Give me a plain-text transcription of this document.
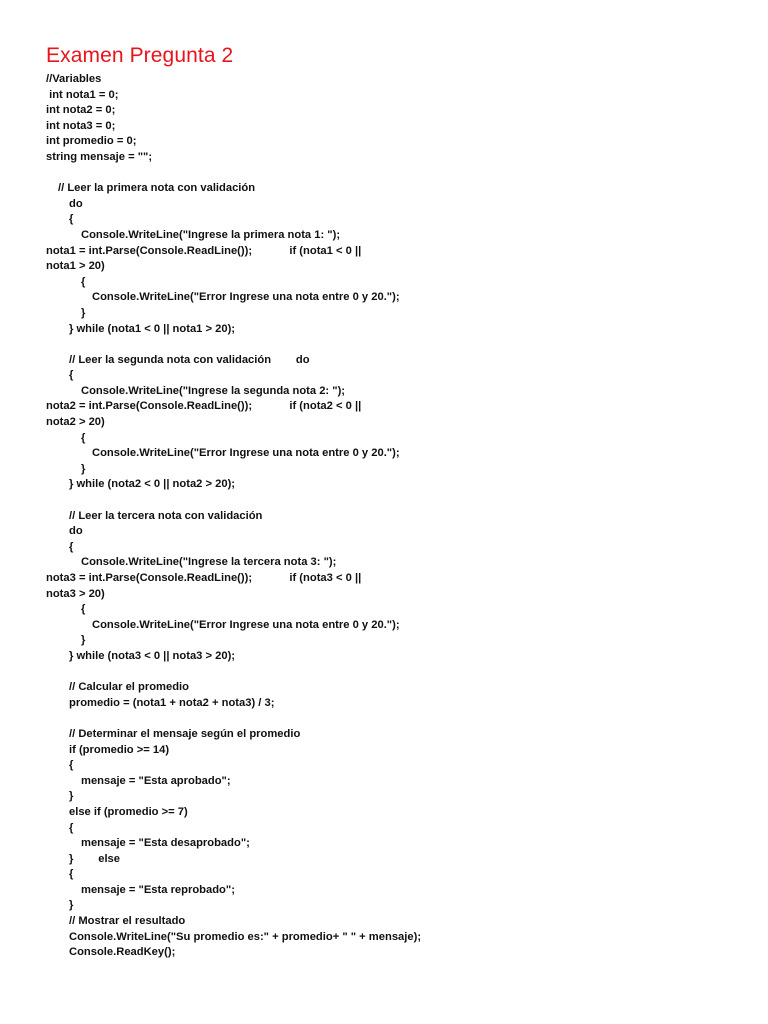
Examen Pregunta 2
//Variables
int nota1 = 0;
int nota2 = 0;
int nota3 = 0;
int promedio = 0;
string mensaje = "";
// Leer la primera nota con validación
do
{
Console.WriteLine("Ingrese la primera nota 1: ");
nota1 = int.Parse(Console.ReadLine());            if (nota1 < 0 ||
nota1 > 20)
{
Console.WriteLine("Error Ingrese una nota entre 0 y 20.");
}
} while (nota1 < 0 || nota1 > 20);
// Leer la segunda nota con validación        do
{
Console.WriteLine("Ingrese la segunda nota 2: ");
nota2 = int.Parse(Console.ReadLine());            if (nota2 < 0 ||
nota2 > 20)
{
Console.WriteLine("Error Ingrese una nota entre 0 y 20.");
}
} while (nota2 < 0 || nota2 > 20);
// Leer la tercera nota con validación
do
{
Console.WriteLine("Ingrese la tercera nota 3: ");
nota3 = int.Parse(Console.ReadLine());            if (nota3 < 0 ||
nota3 > 20)
{
Console.WriteLine("Error Ingrese una nota entre 0 y 20.");
}
} while (nota3 < 0 || nota3 > 20);
// Calcular el promedio
promedio = (nota1 + nota2 + nota3) / 3;
// Determinar el mensaje según el promedio
if (promedio >= 14)
{
mensaje = "Esta aprobado";
}
else if (promedio >= 7)
{
mensaje = "Esta desaprobado";
}        else
{
mensaje = "Esta reprobado";
}
// Mostrar el resultado
Console.WriteLine("Su promedio es:" + promedio+ " " + mensaje);
Console.ReadKey();
